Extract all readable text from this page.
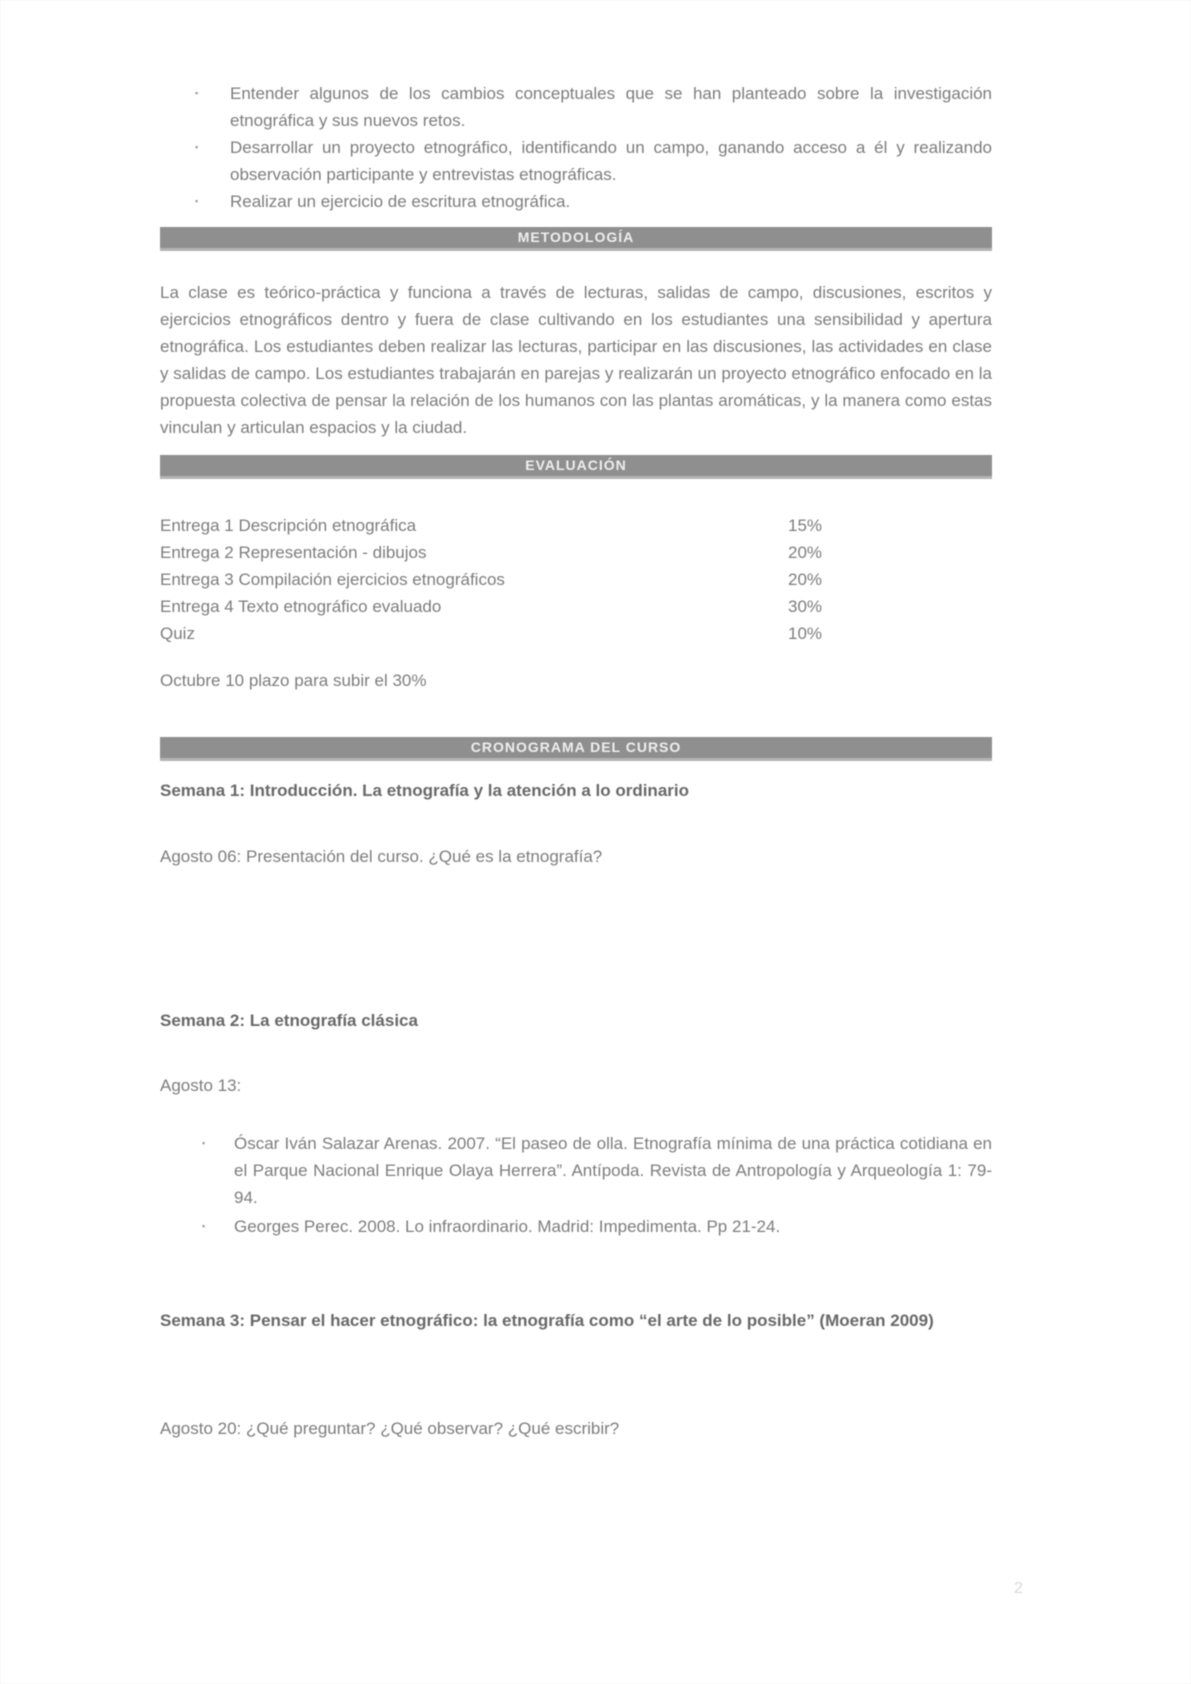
▪	Entender algunos de los cambios conceptuales que se han planteado sobre la investigación etnográfica y sus nuevos retos.
▪	Desarrollar un proyecto etnográfico, identificando un campo, ganando acceso a él y realizando observación participante y entrevistas etnográficas.
▪	Realizar un ejercicio de escritura etnográfica.
METODOLOGÍA
La clase es teórico-práctica y funciona a través de lecturas, salidas de campo, discusiones, escritos y ejercicios etnográficos dentro y fuera de clase cultivando en los estudiantes una sensibilidad y apertura etnográfica. Los estudiantes deben realizar las lecturas, participar en las discusiones, las actividades en clase y salidas de campo. Los estudiantes trabajarán en parejas y realizarán un proyecto etnográfico enfocado en la propuesta colectiva de pensar la relación de los humanos con las plantas aromáticas, y la manera como estas vinculan y articulan espacios y la ciudad.
EVALUACIÓN
Entrega 1 Descripción etnográfica	15%
Entrega 2 Representación - dibujos	20%
Entrega 3 Compilación ejercicios etnográficos	20%
Entrega 4 Texto etnográfico evaluado	30%
Quiz	10%
Octubre 10 plazo para subir el 30%
CRONOGRAMA DEL CURSO
Semana 1: Introducción. La etnografía y la atención a lo ordinario
Agosto 06: Presentación del curso. ¿Qué es la etnografía?
Semana 2: La etnografía clásica
Agosto 13:
▪	Óscar Iván Salazar Arenas. 2007. “El paseo de olla. Etnografía mínima de una práctica cotidiana en el Parque Nacional Enrique Olaya Herrera”. Antípoda. Revista de Antropología y Arqueología 1: 79-94.
▪	Georges Perec. 2008. Lo infraordinario. Madrid: Impedimenta. Pp 21-24.
Semana 3: Pensar el hacer etnográfico: la etnografía como “el arte de lo posible” (Moeran 2009)
Agosto 20: ¿Qué preguntar? ¿Qué observar? ¿Qué escribir?
2
